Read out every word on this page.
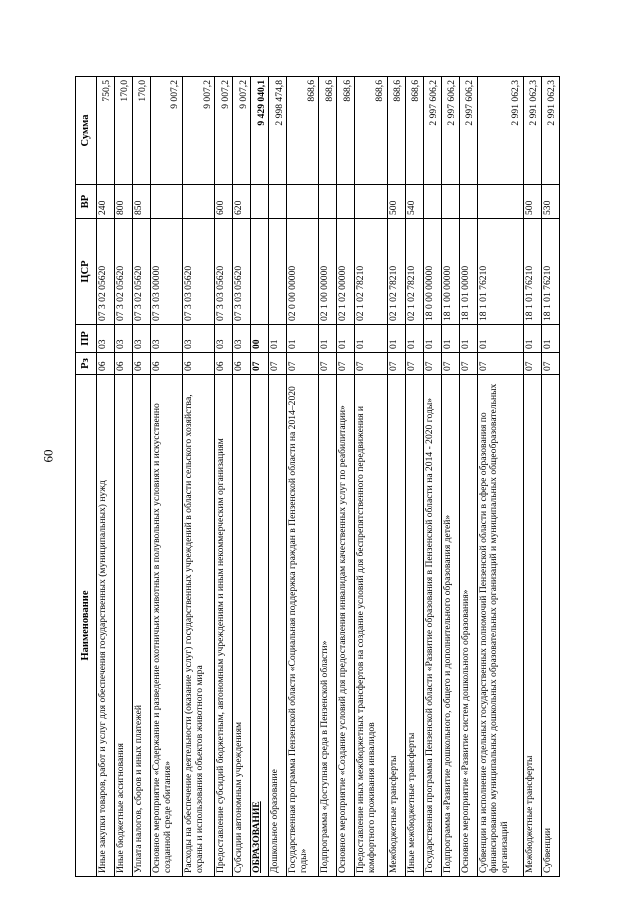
60
Наименование	Рз	ПР	ЦСР	ВР	Сумма
Иные закупки товаров, работ и услуг для обеспечения государственных (муниципальных) нужд	06	03	07 3 02 05620	240	750,5
Иные бюджетные ассигнования	06	03	07 3 02 05620	800	170,0
Уплата налогов, сборов и иных платежей	06	03	07 3 02 05620	850	170,0
Основное мероприятие «Содержание и разведение охотничьих животных в полувольных условиях и искусственно созданной среде обитания»	06	03	07 3 03 00000		9 007,2
Расходы на обеспечение деятельности (оказание услуг) государственных учреждений в области сельского хозяйства, охраны и использования объектов животного мира	06	03	07 3 03 05620		9 007,2
Предоставление субсидий бюджетным, автономным учреждениям и иным некоммерческим организациям	06	03	07 3 03 05620	600	9 007,2
Субсидии автономным учреждениям	06	03	07 3 03 05620	620	9 007,2
ОБРАЗОВАНИЕ	07	00			9 429 040,1
Дошкольное образование	07	01			2 998 474,8
Государственная программа Пензенской области «Социальная поддержка граждан в Пензенской области на 2014–2020 годы»	07	01	02 0 00 00000		868,6
Подпрограмма «Доступная среда в Пензенской области»	07	01	02 1 00 00000		868,6
Основное мероприятие «Создание условий для предоставления инвалидам качественных услуг по реабилитации»	07	01	02 1 02 00000		868,6
Предоставление иных межбюджетных трансфертов на создание условий для беспрепятственного передвижения и комфортного проживания инвалидов	07	01	02 1 02 78210		868,6
Межбюджетные трансферты	07	01	02 1 02 78210	500	868,6
Иные межбюджетные трансферты	07	01	02 1 02 78210	540	868,6
Государственная программа Пензенской области «Развитие образования в Пензенской области на 2014 - 2020 годы»	07	01	18 0 00 00000		2 997 606,2
Подпрограмма «Развитие дошкольного, общего и дополнительного образования детей»	07	01	18 1 00 00000		2 997 606,2
Основное мероприятие «Развитие систем дошкольного образования»	07	01	18 1 01 00000		2 997 606,2
Субвенции на исполнение отдельных государственных полномочий Пензенской области в сфере образования по финансированию муниципальных дошкольных образовательных организаций и муниципальных общеобразовательных организаций	07	01	18 1 01 76210		2 991 062,3
Межбюджетные трансферты	07	01	18 1 01 76210	500	2 991 062,3
Субвенции	07	01	18 1 01 76210	530	2 991 062,3
